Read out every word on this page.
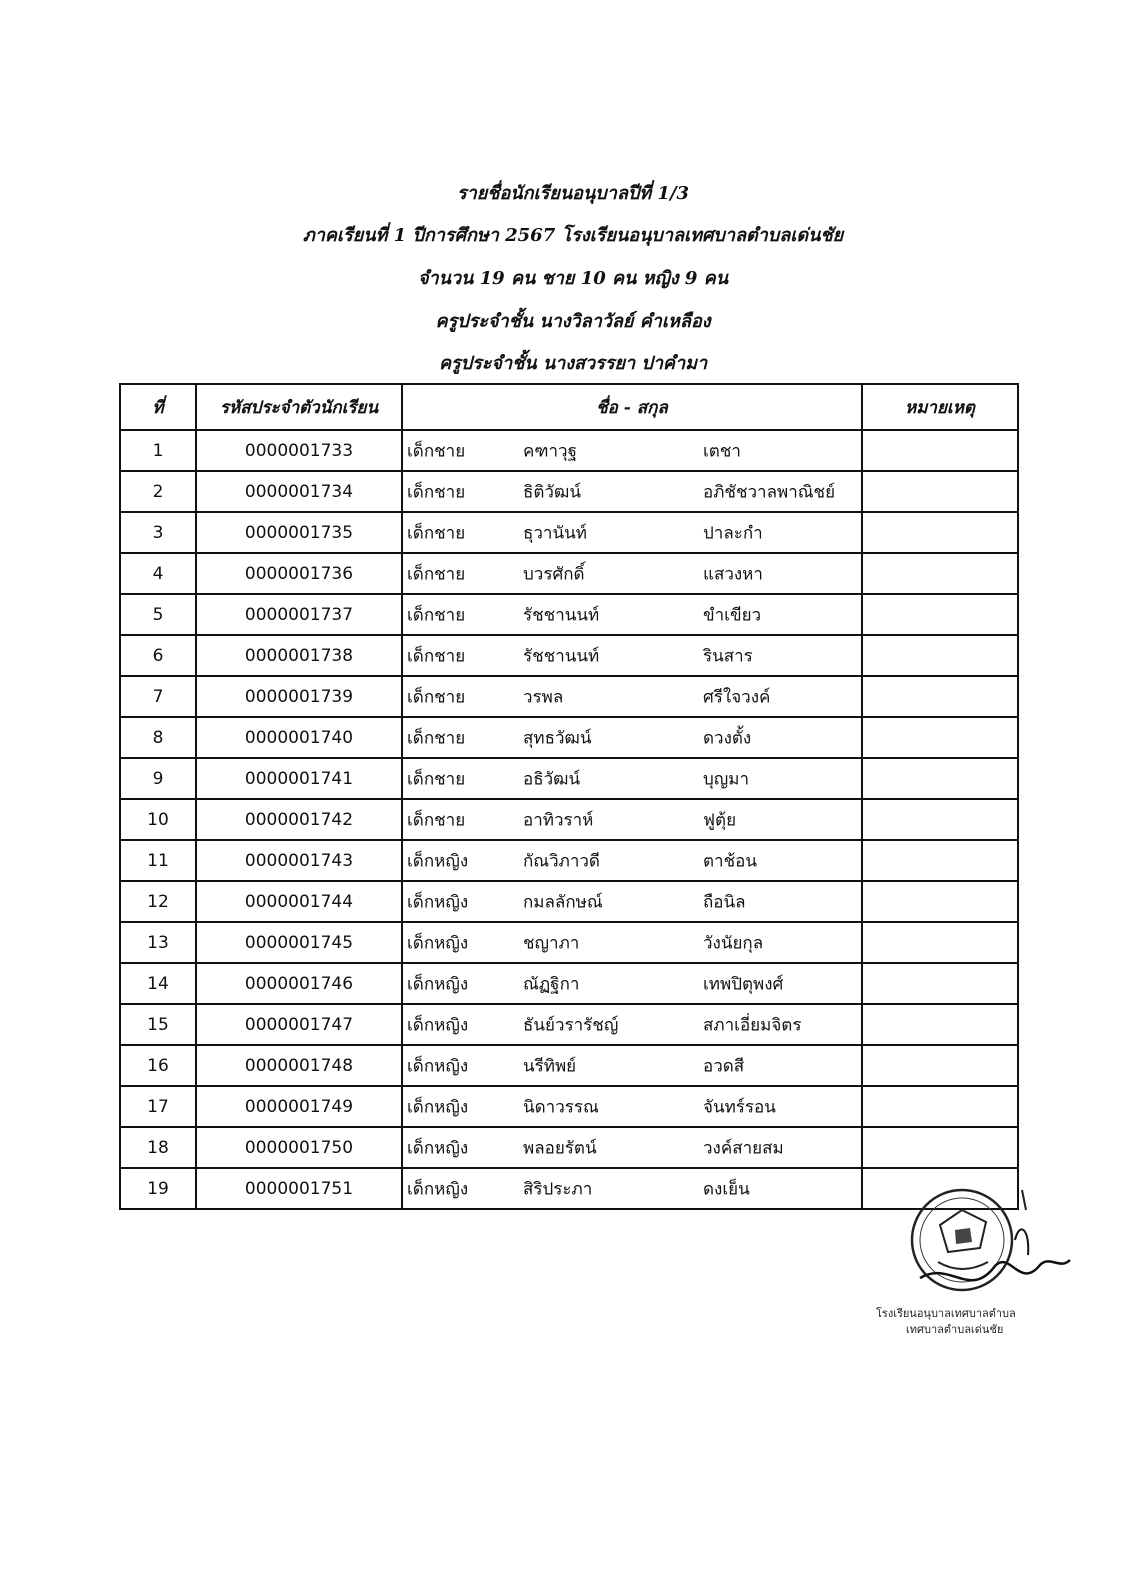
รายชื่อนักเรียนอนุบาลปีที่ 1/3
ภาคเรียนที่ 1 ปีการศึกษา 2567 โรงเรียนอนุบาลเทศบาลตำบลเด่นชัย
จำนวน 19 คน ชาย 10 คน หญิง 9 คน
ครูประจำชั้น นางวิลาวัลย์ คำเหลือง
ครูประจำชั้น นางสวรรยา ปาคำมา
ที่	รหัสประจำตัวนักเรียน	ชื่อ - สกุล	หมายเหตุ
1	0000001733	เด็กชาย คฑาวุฐ เตชา	

2	0000001734	เด็กชาย ธิติวัฒน์ อภิชัชวาลพาณิชย์	

3	0000001735	เด็กชาย ธุวานันท์ ปาละกำ	

4	0000001736	เด็กชาย บวรศักดิ์ แสวงหา	

5	0000001737	เด็กชาย รัชชานนท์ ขำเขียว	

6	0000001738	เด็กชาย รัชชานนท์ รินสาร	

7	0000001739	เด็กชาย วรพล ศรีใจวงค์	

8	0000001740	เด็กชาย สุทธวัฒน์ ดวงตั้ง	

9	0000001741	เด็กชาย อธิวัฒน์ บุญมา	

10	0000001742	เด็กชาย อาทิวราห์ ฟูตุ้ย	

11	0000001743	เด็กหญิง กัณวิภาวดี ตาช้อน	

12	0000001744	เด็กหญิง กมลลักษณ์ ถือนิล	

13	0000001745	เด็กหญิง ชญาภา วังนัยกุล	

14	0000001746	เด็กหญิง ณัฏฐิกา เทพปิตุพงศ์	

15	0000001747	เด็กหญิง ธันย์วรารัชญ์ สภาเอี่ยมจิตร	

16	0000001748	เด็กหญิง นรีทิพย์ อวดสี	

17	0000001749	เด็กหญิง นิดาวรรณ จันทร์รอน	

18	0000001750	เด็กหญิง พลอยรัตน์ วงค์สายสม	

19	0000001751	เด็กหญิง สิริประภา ดงเย็น	

โรงเรียนอนุบาลเทศบาลตำบล
เทศบาลตำบลเด่นชัย
